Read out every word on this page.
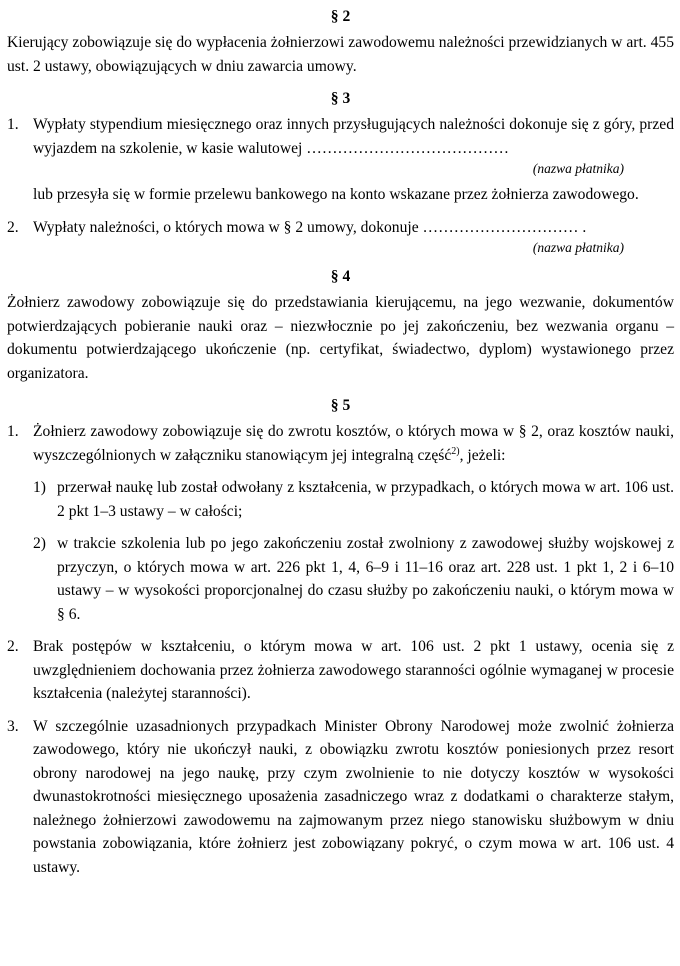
§ 2

Kierujący zobowiązuje się do wypłacenia żołnierzowi zawodowemu należności przewidzianych w art. 455 ust. 2 ustawy, obowiązujących w dniu zawarcia umowy.

§ 3
1. Wypłaty stypendium miesięcznego oraz innych przysługujących należności dokonuje się z góry, przed wyjazdem na szkolenie, w kasie walutowej …………………………………
(nazwa płatnika)
lub przesyła się w formie przelewu bankowego na konto wskazane przez żołnierza zawodowego.
2. Wypłaty należności, o których mowa w § 2 umowy, dokonuje ………………………… .
(nazwa płatnika)
§ 4

Żołnierz zawodowy zobowiązuje się do przedstawiania kierującemu, na jego wezwanie, dokumentów potwierdzających pobieranie nauki oraz – niezwłocznie po jej zakończeniu, bez wezwania organu – dokumentu potwierdzającego ukończenie (np. certyfikat, świadectwo, dyplom) wystawionego przez organizatora.

§ 5
1. Żołnierz zawodowy zobowiązuje się do zwrotu kosztów, o których mowa w § 2, oraz kosztów nauki, wyszczególnionych w załączniku stanowiącym jej integralną część$^{2)}$, jeżeli:
1) przerwał naukę lub został odwołany z kształcenia, w przypadkach, o których mowa w art. 106 ust. 2 pkt 1–3 ustawy – w całości;
2) w trakcie szkolenia lub po jego zakończeniu został zwolniony z zawodowej służby wojskowej z przyczyn, o których mowa w art. 226 pkt 1, 4, 6–9 i 11–16 oraz art. 228 ust. 1 pkt 1, 2 i 6–10 ustawy – w wysokości proporcjonalnej do czasu służby po zakończeniu nauki, o którym mowa w § 6.
2. Brak postępów w kształceniu, o którym mowa w art. 106 ust. 2 pkt 1 ustawy, ocenia się z uwzględnieniem dochowania przez żołnierza zawodowego staranności ogólnie wymaganej w procesie kształcenia (należytej staranności).
3. W szczególnie uzasadnionych przypadkach Minister Obrony Narodowej może zwolnić żołnierza zawodowego, który nie ukończył nauki, z obowiązku zwrotu kosztów poniesionych przez resort obrony narodowej na jego naukę, przy czym zwolnienie to nie dotyczy kosztów w wysokości dwunastokrotności miesięcznego uposażenia zasadniczego wraz z dodatkami o charakterze stałym, należnego żołnierzowi zawodowemu na zajmowanym przez niego stanowisku służbowym w dniu powstania zobowiązania, które żołnierz jest zobowiązany pokryć, o czym mowa w art. 106 ust. 4 ustawy.
